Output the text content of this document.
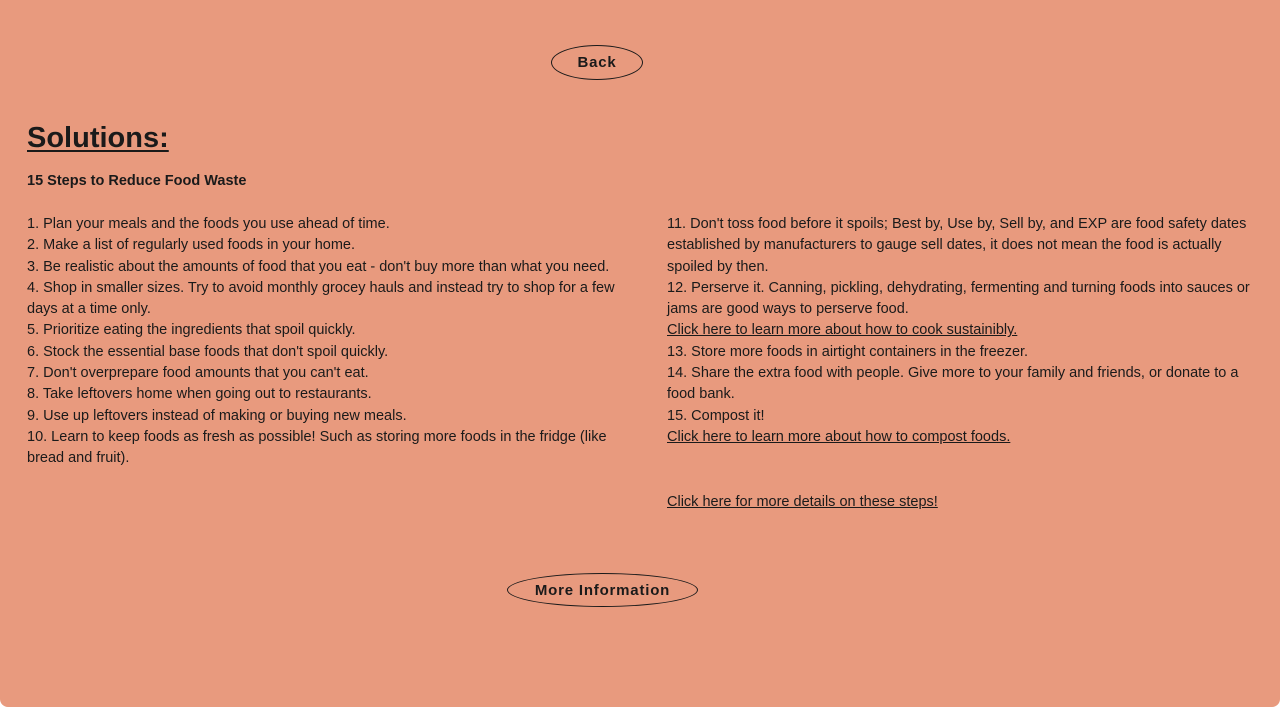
Back
Solutions:
15 Steps to Reduce Food Waste
1. Plan your meals and the foods you use ahead of time.
2. Make a list of regularly used foods in your home.
3. Be realistic about the amounts of food that you eat - don't buy more than what you need.
4. Shop in smaller sizes. Try to avoid monthly grocey hauls and instead try to shop for a few days at a time only.
5. Prioritize eating the ingredients that spoil quickly.
6. Stock the essential base foods that don't spoil quickly.
7. Don't overprepare food amounts that you can't eat.
8. Take leftovers home when going out to restaurants.
9. Use up leftovers instead of making or buying new meals.
10. Learn to keep foods as fresh as possible! Such as storing more foods in the fridge (like bread and fruit).
11. Don't toss food before it spoils; Best by, Use by, Sell by, and EXP are food safety dates established by manufacturers to gauge sell dates, it does not mean the food is actually spoiled by then.
12. Perserve it. Canning, pickling, dehydrating, fermenting and turning foods into sauces or jams are good ways to perserve food.
Click here to learn more about how to cook sustainibly.
13. Store more foods in airtight containers in the freezer.
14. Share the extra food with people. Give more to your family and friends, or donate to a food bank.
15. Compost it!
Click here to learn more about how to compost foods.
Click here for more details on these steps!
More Information
